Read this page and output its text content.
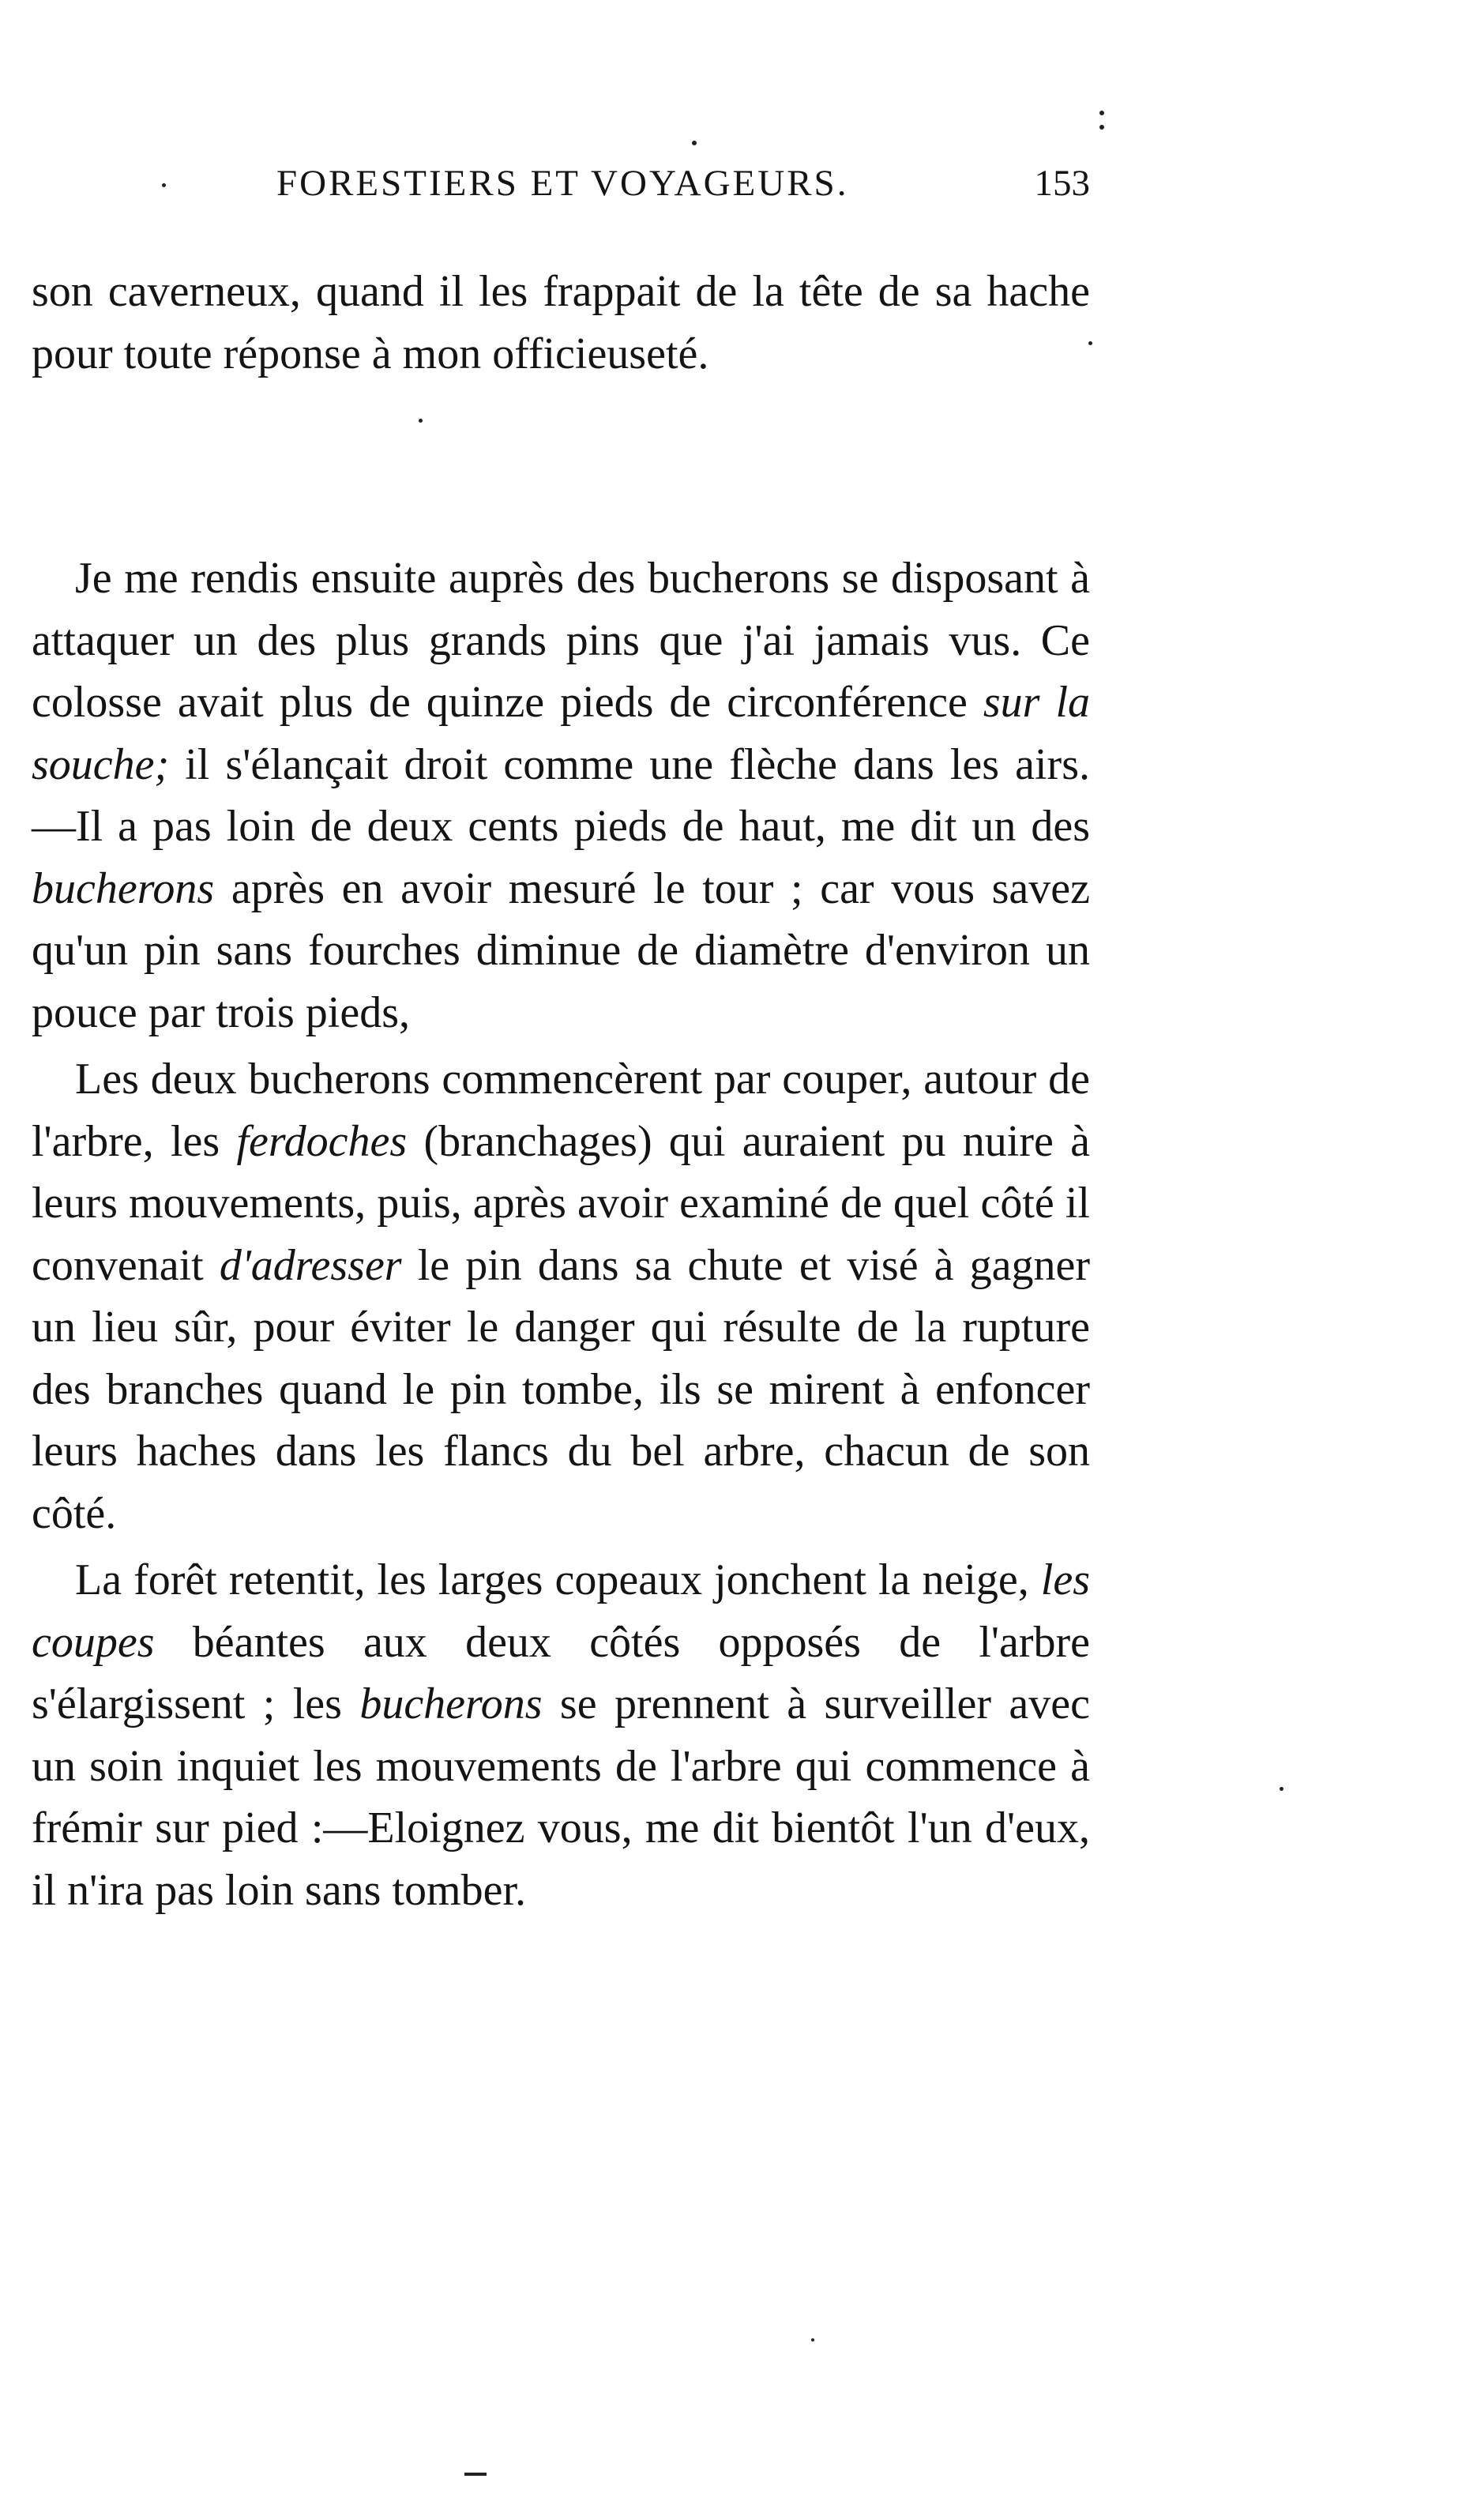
FORESTIERS ET VOYAGEURS.	153

son caverneux, quand il les frappait de la tête de sa hache pour toute réponse à mon officieuseté.

Je me rendis ensuite auprès des bucherons se disposant à attaquer un des plus grands pins que j'ai jamais vus. Ce colosse avait plus de quinze pieds de circonférence sur la souche; il s'élançait droit comme une flèche dans les airs.—Il a pas loin de deux cents pieds de haut, me dit un des bucherons après en avoir mesuré le tour ; car vous savez qu'un pin sans fourches diminue de diamètre d'environ un pouce par trois pieds,

Les deux bucherons commencèrent par couper, autour de l'arbre, les ferdoches (branchages) qui auraient pu nuire à leurs mouvements, puis, après avoir examiné de quel côté il convenait d'adresser le pin dans sa chute et visé à gagner un lieu sûr, pour éviter le danger qui résulte de la rupture des branches quand le pin tombe, ils se mirent à enfoncer leurs haches dans les flancs du bel arbre, chacun de son côté.

La forêt retentit, les larges copeaux jonchent la neige, les coupes béantes aux deux côtés opposés de l'arbre s'élargissent ; les bucherons se prennent à surveiller avec un soin inquiet les mouvements de l'arbre qui commence à frémir sur pied :—Eloignez vous, me dit bientôt l'un d'eux, il n'ira pas loin sans tomber.
